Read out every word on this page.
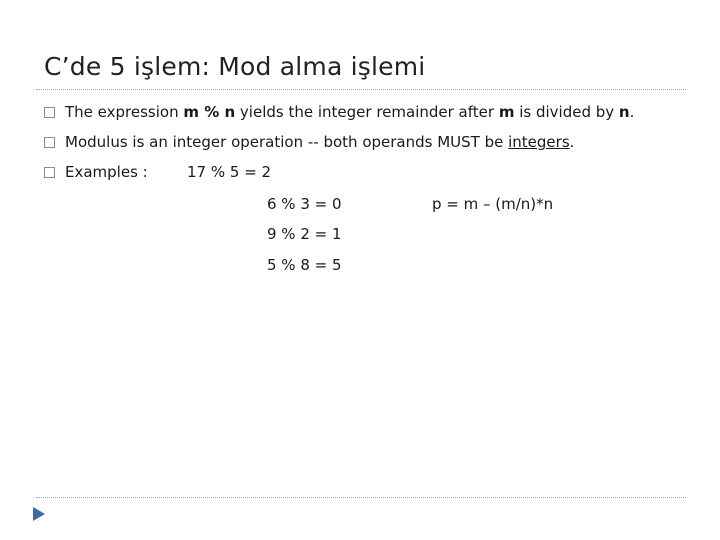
C’de 5 işlem: Mod alma işlemi
The expression m % n yields the integer remainder after m is divided by n.
Modulus is an integer operation -- both operands MUST be integers.
Examples :	17 % 5 = 2
6 % 3 = 0
9 % 2 = 1
5 % 8 = 5
p = m – (m/n)*n
